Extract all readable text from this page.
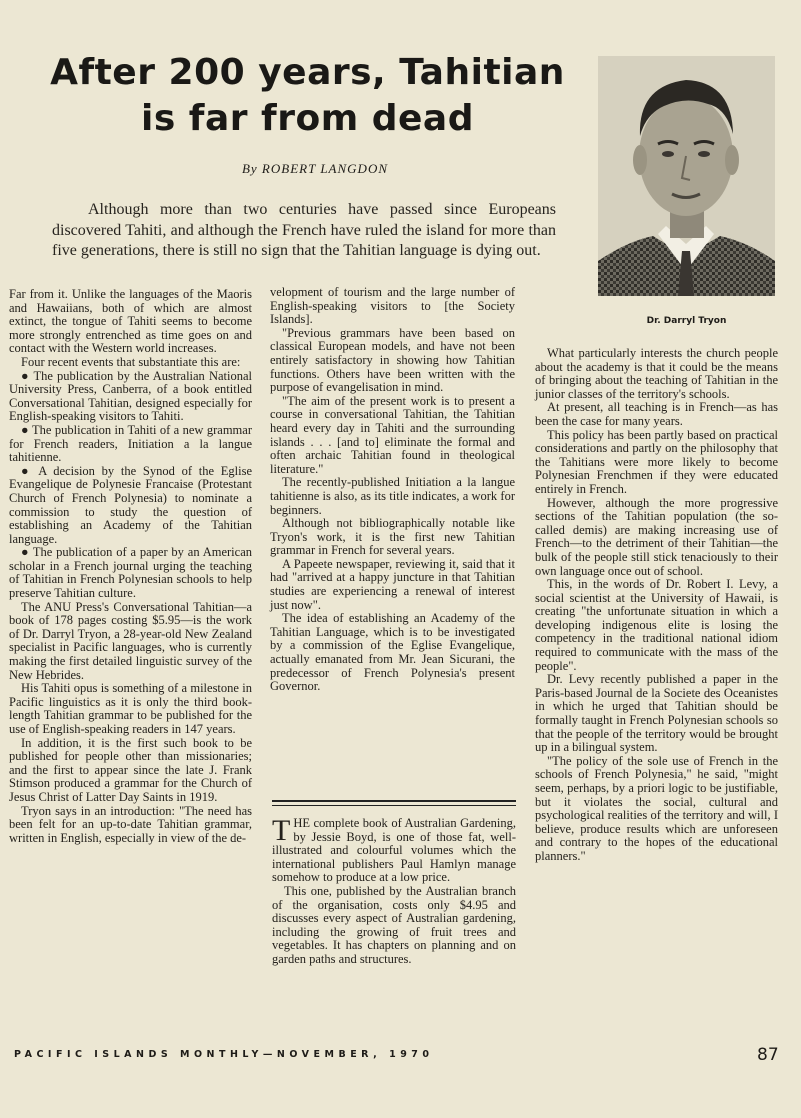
After 200 years, Tahitian
is far from dead
By ROBERT LANGDON

Although more than two centuries have passed since Europeans discovered Tahiti, and although the French have ruled the island for more than five generations, there is still no sign that the Tahitian language is dying out.

Dr. Darryl Tryon

Far from it. Unlike the languages of the Maoris and Hawaiians, both of which are almost extinct, the tongue of Tahiti seems to become more strongly entrenched as time goes on and contact with the Western world increases.

Four recent events that substantiate this are:

● The publication by the Australian National University Press, Canberra, of a book entitled Conversational Tahitian, designed especially for English-speaking visitors to Tahiti.

● The publication in Tahiti of a new grammar for French readers, Initiation a la langue tahitienne.

● A decision by the Synod of the Eglise Evangelique de Polynesie Francaise (Protestant Church of French Polynesia) to nominate a commission to study the question of establishing an Academy of the Tahitian language.

● The publication of a paper by an American scholar in a French journal urging the teaching of Tahitian in French Polynesian schools to help preserve Tahitian culture.

The ANU Press's Conversational Tahitian—a book of 178 pages costing $5.95—is the work of Dr. Darryl Tryon, a 28-year-old New Zealand specialist in Pacific languages, who is currently making the first detailed linguistic survey of the New Hebrides.

His Tahiti opus is something of a milestone in Pacific linguistics as it is only the third book-length Tahitian grammar to be published for the use of English-speaking readers in 147 years.

In addition, it is the first such book to be published for people other than missionaries; and the first to appear since the late J. Frank Stimson produced a grammar for the Church of Jesus Christ of Latter Day Saints in 1919.

Tryon says in an introduction: "The need has been felt for an up-to-date Tahitian grammar, written in English, especially in view of the de-

velopment of tourism and the large number of English-speaking visitors to [the Society Islands].

"Previous grammars have been based on classical European models, and have not been entirely satisfactory in showing how Tahitian functions. Others have been written with the purpose of evangelisation in mind.

"The aim of the present work is to present a course in conversational Tahitian, the Tahitian heard every day in Tahiti and the surrounding islands . . . [and to] eliminate the formal and often archaic Tahitian found in theological literature."

The recently-published Initiation a la langue tahitienne is also, as its title indicates, a work for beginners.

Although not bibliographically notable like Tryon's work, it is the first new Tahitian grammar in French for several years.

A Papeete newspaper, reviewing it, said that it had "arrived at a happy juncture in that Tahitian studies are experiencing a renewal of interest just now".

The idea of establishing an Academy of the Tahitian Language, which is to be investigated by a commission of the Eglise Evangelique, actually emanated from Mr. Jean Sicurani, the predecessor of French Polynesia's present Governor.

THE complete book of Australian Gardening, by Jessie Boyd, is one of those fat, well-illustrated and colourful volumes which the international publishers Paul Hamlyn manage somehow to produce at a low price.

This one, published by the Australian branch of the organisation, costs only $4.95 and discusses every aspect of Australian gardening, including the growing of fruit trees and vegetables. It has chapters on planning and on garden paths and structures.

What particularly interests the church people about the academy is that it could be the means of bringing about the teaching of Tahitian in the junior classes of the territory's schools.

At present, all teaching is in French—as has been the case for many years.

This policy has been partly based on practical considerations and partly on the philosophy that the Tahitians were more likely to become Polynesian Frenchmen if they were educated entirely in French.

However, although the more progressive sections of the Tahitian population (the so-called demis) are making increasing use of French—to the detriment of their Tahitian—the bulk of the people still stick tenaciously to their own language once out of school.

This, in the words of Dr. Robert I. Levy, a social scientist at the University of Hawaii, is creating "the unfortunate situation in which a developing indigenous elite is losing the competency in the traditional national idiom required to communicate with the mass of the people".

Dr. Levy recently published a paper in the Paris-based Journal de la Societe des Oceanistes in which he urged that Tahitian should be formally taught in French Polynesian schools so that the people of the territory would be brought up in a bilingual system.

"The policy of the sole use of French in the schools of French Polynesia," he said, "might seem, perhaps, by a priori logic to be justifiable, but it violates the social, cultural and psychological realities of the territory and will, I believe, produce results which are unforeseen and contrary to the hopes of the educational planners."

PACIFIC ISLANDS MONTHLY—NOVEMBER, 1970	87
